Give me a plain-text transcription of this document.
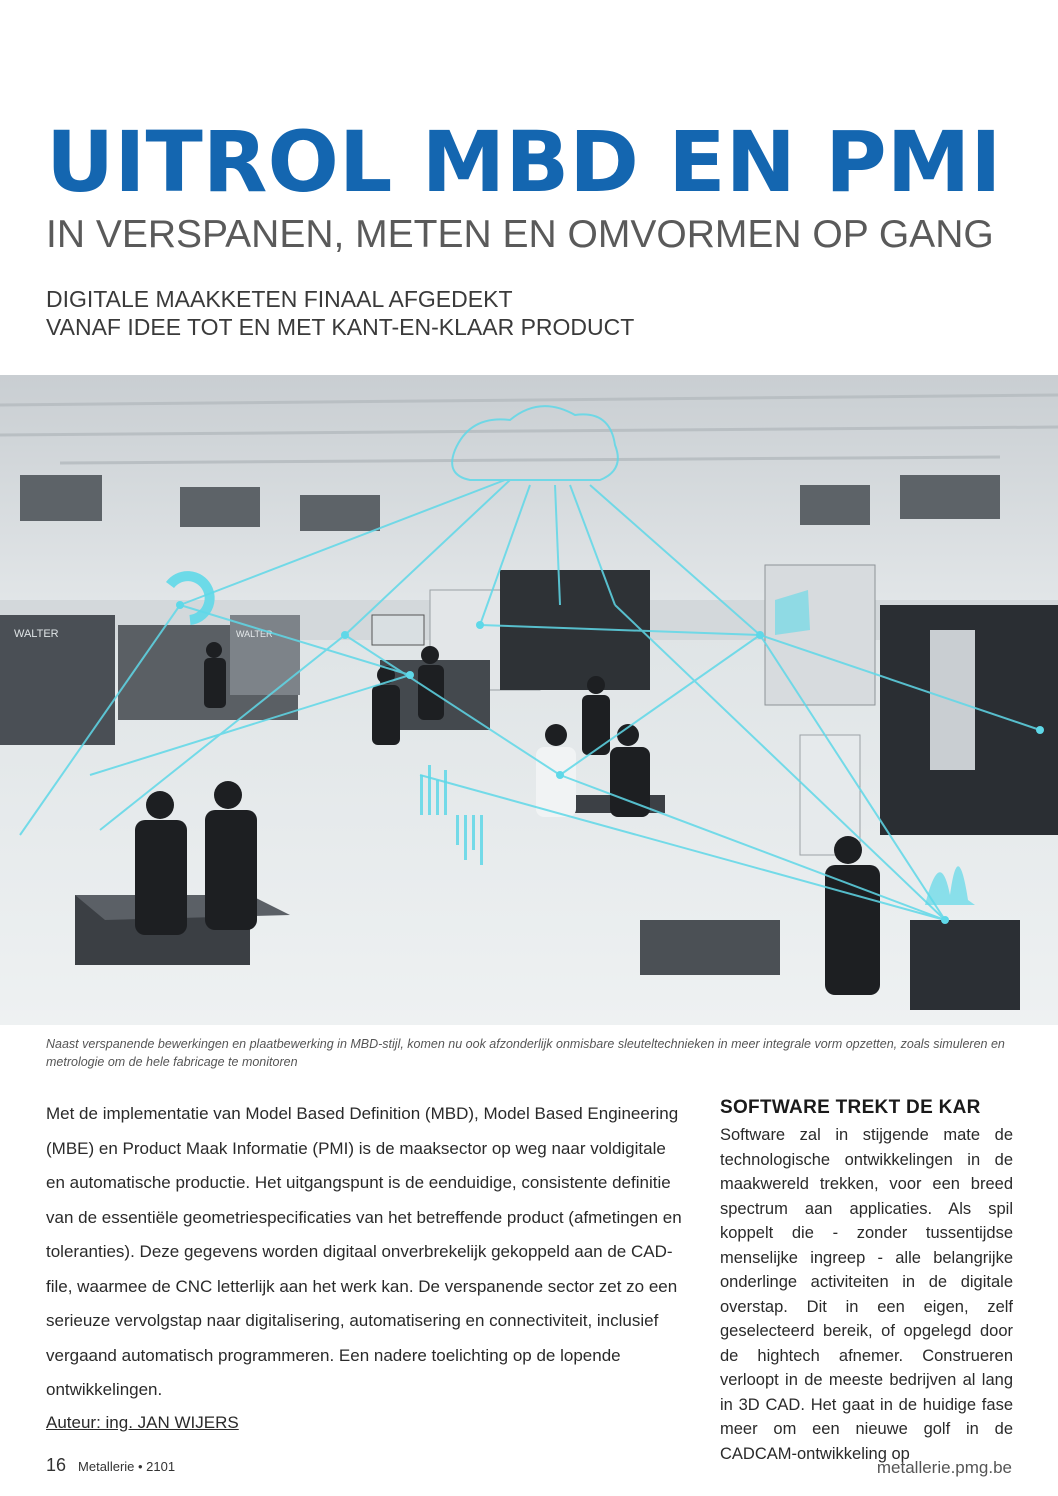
UITROL MBD EN PMI
IN VERSPANEN, METEN EN OMVORMEN OP GANG
DIGITALE MAAKKETEN FINAAL AFGEDEKT
VANAF IDEE TOT EN MET KANT-EN-KLAAR PRODUCT
WALTER	WALTER

Naast verspanende bewerkingen en plaatbewerking in MBD-stijl, komen nu ook afzonderlijk onmisbare sleuteltechnieken in meer integrale vorm opzetten, zoals simuleren en metrologie om de hele fabricage te monitoren

Met de implementatie van Model Based Definition (MBD), Model Based Engineering (MBE) en Product Maak Informatie (PMI) is de maaksector op weg naar voldigitale en automatische productie. Het uitgangspunt is de eenduidige, consistente definitie van de essentiële geometriespecificaties van het betreffende product (afmetingen en toleranties). Deze gegevens worden digitaal onverbrekelijk gekoppeld aan de CAD-file, waarmee de CNC letterlijk aan het werk kan. De verspanende sector zet zo een serieuze vervolgstap naar digitalisering, automatisering en connectiviteit, inclusief vergaand automatisch programmeren. Een nadere toelichting op de lopende ontwikkelingen.

Auteur: ing. JAN WIJERS

SOFTWARE TREKT DE KAR

Software zal in stijgende mate de technologische ontwikkelingen in de maakwereld trekken, voor een breed spectrum aan applicaties. Als spil koppelt die - zonder tussentijdse menselijke ingreep - alle belangrijke onderlinge activiteiten in de digitale overstap. Dit in een eigen, zelf geselecteerd bereik, of opgelegd door de hightech afnemer. Construeren verloopt in de meeste bedrijven al lang in 3D CAD. Het gaat in de huidige fase meer om een nieuwe golf in de CADCAM-ontwikkeling op

16 Metallerie • 2101	metallerie.pmg.be
